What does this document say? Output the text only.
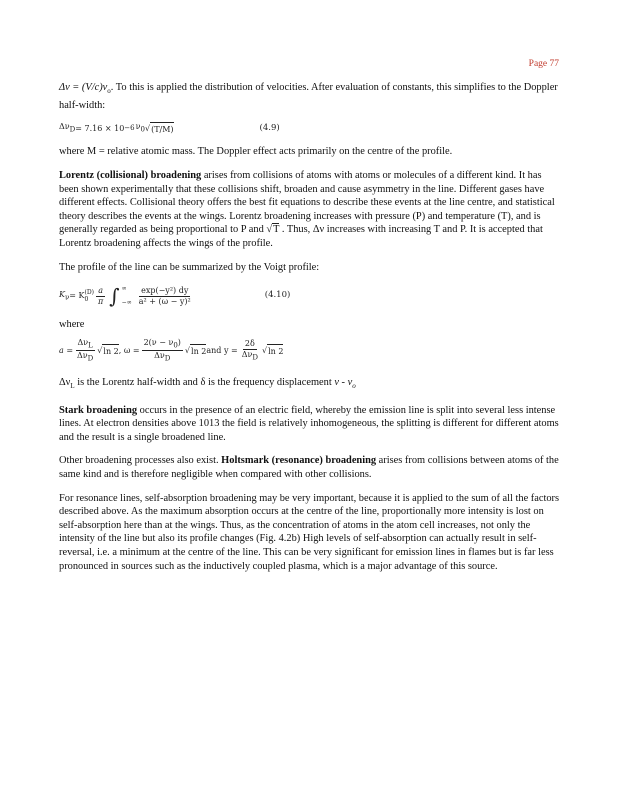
Page 77

$\Delta\nu = (V/c)\nu_o$. To this is applied the distribution of velocities. After evaluation of constants, this simplifies to the Doppler half-width:

$\Delta\nu_D = 7.16 \times 10 -6$ $\nu_0$ √ (T/M)	(4.9)

where M = relative atomic mass. The Doppler effect acts primarily on the centre of the profile.

Lorentz (collisional) broadening arises from collisions of atoms with atoms or molecules of a different kind. It has been shown experimentally that these collisions shift, broaden and cause asymmetry in the line. Different gases have different effects. Collisional theory offers the best fit equations to describe these events at the line centre, and statistical theory describes the events at the wings. Lorentz broadening increases with pressure (P) and temperature (T), and is generally regarded as being proportional to P and √T . Thus, Δν increases with increasing T and P. It is accepted that Lorentz broadening affects the wings of the profile.

The profile of the line can be summarized by the Voigt profile:

$K_\nu = K$ (D)
$0 \frac{a}{\pi}$ ∫ ∞
−∞ $\frac{\text{exp(−y²) dy}}{\text{a² + (ω − y)²}}$	(4.10)

where

$a = \frac{\Delta\nu_L}{\Delta\nu_D}$ √ ln 2 , $\omega = \frac{2(\nu - \nu_0)}{\Delta\nu_D}$ √ ln 2 and $y = \frac{2\delta}{\Delta\nu_D}$ √ ln 2

$\Delta\nu_L$ is the Lorentz half-width and δ is the frequency displacement ν - $\nu_o$

Stark broadening occurs in the presence of an electric field, whereby the emission line is split into several less intense lines. At electron densities above 1013 the field is relatively inhomogeneous, the splitting is different for different atoms and the result is a single broadened line.

Other broadening processes also exist. Holtsmark (resonance) broadening arises from collisions between atoms of the same kind and is therefore negligible when compared with other collisions.

For resonance lines, self-absorption broadening may be very important, because it is applied to the sum of all the factors described above. As the maximum absorption occurs at the centre of the line, proportionally more intensity is lost on self-absorption here than at the wings. Thus, as the concentration of atoms in the atom cell increases, not only the intensity of the line but also its profile changes (Fig. 4.2b) High levels of self-absorption can actually result in self-reversal, i.e. a minimum at the centre of the line. This can be very significant for emission lines in flames but is far less pronounced in sources such as the inductively coupled plasma, which is a major advantage of this source.
